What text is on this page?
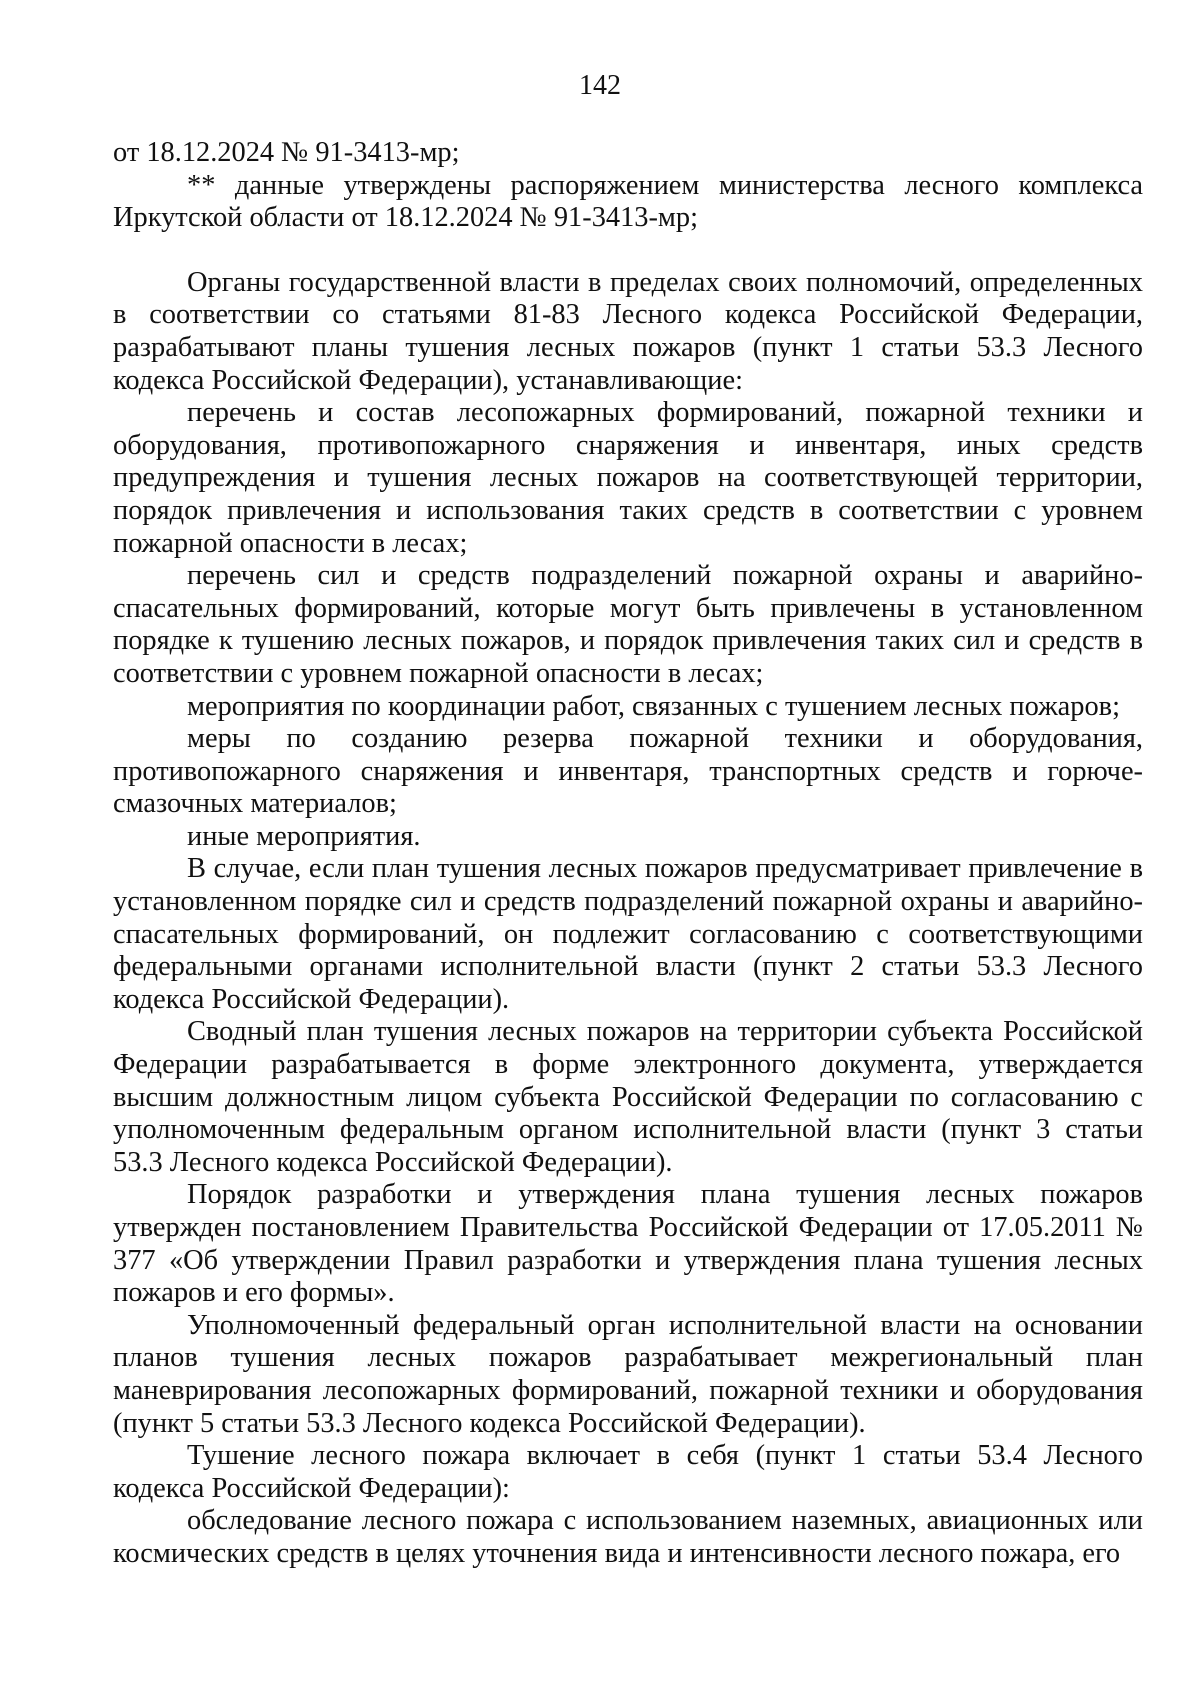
142

от 18.12.2024 № 91-3413-мр;

** данные утверждены распоряжением министерства лесного комплекса Иркутской области от 18.12.2024 № 91-3413-мр;

Органы государственной власти в пределах своих полномочий, определенных в соответствии со статьями 81-83 Лесного кодекса Российской Федерации, разрабатывают планы тушения лесных пожаров (пункт 1 статьи 53.3 Лесного кодекса Российской Федерации), устанавливающие:

перечень и состав лесопожарных формирований, пожарной техники и оборудования, противопожарного снаряжения и инвентаря, иных средств предупреждения и тушения лесных пожаров на соответствующей территории, порядок привлечения и использования таких средств в соответствии с уровнем пожарной опасности в лесах;

перечень сил и средств подразделений пожарной охраны и аварийно-спасательных формирований, которые могут быть привлечены в установленном порядке к тушению лесных пожаров, и порядок привлечения таких сил и средств в соответствии с уровнем пожарной опасности в лесах;

мероприятия по координации работ, связанных с тушением лесных пожаров;

меры по созданию резерва пожарной техники и оборудования, противопожарного снаряжения и инвентаря, транспортных средств и горюче-смазочных материалов;

иные мероприятия.

В случае, если план тушения лесных пожаров предусматривает привлечение в установленном порядке сил и средств подразделений пожарной охраны и аварийно-спасательных формирований, он подлежит согласованию с соответствующими федеральными органами исполнительной власти (пункт 2 статьи 53.3 Лесного кодекса Российской Федерации).

Сводный план тушения лесных пожаров на территории субъекта Российской Федерации разрабатывается в форме электронного документа, утверждается высшим должностным лицом субъекта Российской Федерации по согласованию с уполномоченным федеральным органом исполнительной власти (пункт 3 статьи 53.3 Лесного кодекса Российской Федерации).

Порядок разработки и утверждения плана тушения лесных пожаров утвержден постановлением Правительства Российской Федерации от 17.05.2011 № 377 «Об утверждении Правил разработки и утверждения плана тушения лесных пожаров и его формы».

Уполномоченный федеральный орган исполнительной власти на основании планов тушения лесных пожаров разрабатывает межрегиональный план маневрирования лесопожарных формирований, пожарной техники и оборудования (пункт 5 статьи 53.3 Лесного кодекса Российской Федерации).

Тушение лесного пожара включает в себя (пункт 1 статьи 53.4 Лесного кодекса Российской Федерации):

обследование лесного пожара с использованием наземных, авиационных или космических средств в целях уточнения вида и интенсивности лесного пожара, его
